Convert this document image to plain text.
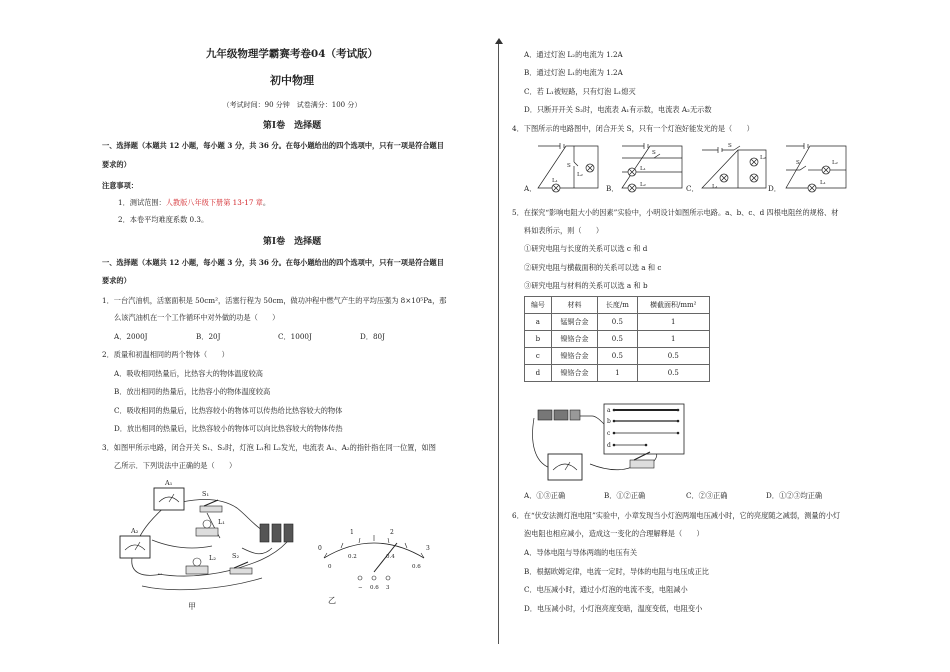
九年级物理学霸赛考卷04（考试版）
初中物理
（考试时间：90 分钟　试卷满分：100 分）
第Ⅰ卷　选择题
一、选择题（本题共 12 小题，每小题 3 分，共 36 分。在每小题给出的四个选项中，只有一项是符合题目
要求的）
注意事项：
1．测试范围：人教版八年级下册第 13-17 章。
2．本卷平均难度系数 0.3。
第Ⅰ卷　选择题
一、选择题（本题共 12 小题，每小题 3 分，共 36 分。在每小题给出的四个选项中，只有一项是符合题目
要求的）
1．一台汽油机，活塞面积是 50cm²，活塞行程为 50cm，做功冲程中燃气产生的平均压强为 8×10⁵Pa，那
么该汽油机在一个工作循环中对外做的功是（　　）
A．2000J	B．20J	C．1000J	D．80J
2．质量和初温相同的两个物体（　　）
A．吸收相同热量后，比热容大的物体温度较高
B．放出相同的热量后，比热容小的物体温度较高
C．吸收相同的热量后，比热容较小的物体可以传热给比热容较大的物体
D．放出相同的热量后，比热容较小的物体可以向比热容较大的物体传热
3．如图甲所示电路，闭合开关 S₁、S₂时，灯泡 L₁和 L₂发光，电流表 A₁、A₂的指针指在同一位置，如图
乙所示．下列说法中正确的是（　　）
A₁
A₂
S₁
L₁
L₂ S₂
甲
0
1	2
3
0
0.2	0.4
0.6
− 0.6 3
乙
A．通过灯泡 L₂的电流为 1.2A
B．通过灯泡 L₁的电流为 1.2A
C．若 L₁被短路，只有灯泡 L₁熄灭
D．只断开开关 S₂时，电流表 A₁有示数，电流表 A₂无示数
4．下图所示的电路图中，闭合开关 S，只有一个灯泡好能发光的是（　　）
A．
S
L₂
L₁
B．
S
L₁
L₂	C．
S
L₂
L₁	D．
S	L₂
L₁
5．在探究“影响电阻大小的因素”实验中，小明设计如图所示电路。a、b、c、d 四根电阻丝的规格、材
料如表所示，则（　　）
①研究电阻与长度的关系可以选 c 和 d
②研究电阻与横截面积的关系可以选 a 和 c
③研究电阻与材料的关系可以选 a 和 b
编号	材料	长度/m	横截面积/mm²
a	锰铜合金	0.5	1
b	镍铬合金	0.5	1
c	镍铬合金	0.5	0.5
d	镍铬合金	1	0.5
a
b
c
d
A．①③正确	B．①②正确	C．②③正确	D．①②③均正确
6．在“伏安法测灯泡电阻”实验中，小章发现当小灯泡两端电压减小时，它的亮度随之减弱，测量的小灯
泡电阻也相应减小，造成这一变化的合理解释是（　　）
A．导体电阻与导体两端的电压有关
B．根据欧姆定律，电流一定时，导体的电阻与电压成正比
C．电压减小时，通过小灯泡的电流不变，电阻减小
D．电压减小时，小灯泡亮度变暗，温度变低，电阻变小
